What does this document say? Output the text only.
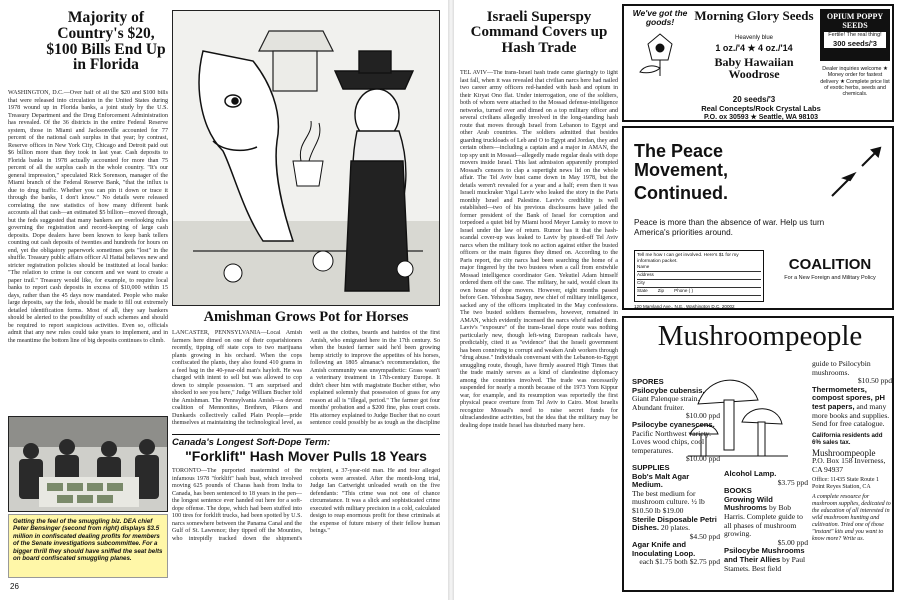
Majority of Country's $20, $100 Bills End Up in Florida
WASHINGTON, D.C.—Over half of all the $20 and $100 bills that were released into circulation in the United States during 1978 wound up in Florida banks, a joint study by the U.S. Treasury Department and the Drug Enforcement Administration has revealed. Of the 36 districts in the entire Federal Reserve system, those in Miami and Jacksonville accounted for 77 percent of the national cash surplus in that year; by contrast, Reserve offices in New York City, Chicago and Detroit paid out $6 billion more than they took in last year. Cash deposits to Florida banks in 1978 actually accounted for more than 75 percent of all the surplus cash in the whole country. "It's our general impression," speculated Rick Sorenson, manager of the Miami branch of the Federal Reserve Bank, "that the influx is due to drug traffic. Whether you can pin it down or trace it through the banks, I don't know." No details were released correlating the raw statistics of how many different bank accounts all that cash—an estimated $5 billion—moved through, but the feds suggested that many bankers are overlooking rules governing the registration and record-keeping of large cash deposits. Dope dealers have been known to keep bank tellers counting out cash deposits of twenties and hundreds for hours on end, yet the obligatory paperwork sometimes gets "lost" in the shuffle. Treasury public affairs officer Al Hattal believes new and stricter registration policies should be instituted at local banks: "The relation to crime is our concern and we want to create a paper trail." Treasury would like, for example, to require local banks to report cash deposits in excess of $10,000 within 15 days, rather than the 45 days now mandated. People who make large deposits, say the feds, should be made to fill out extremely detailed identification forms. Most of all, they say bankers should be alerted to the possibility of such schemes and should be required to report suspicious activities. Even so, officials admit that any new rules could take years to implement, and in the meantime the bottom line of big deposits continues to climb.
Getting the feel of the smuggling biz. DEA chief Peter Bensinger (second from right) displays $3.5 million in confiscated dealing profits for members of the Senate investigations subcommittee. For a bigger thrill they should have sniffed the seat belts on board confiscated smuggling planes.
Amishman Grows Pot for Horses
LANCASTER, PENNSYLVANIA—Local Amish farmers here dimed on one of their coparishioners recently, tipping off state cops to two marijuana plants growing in his orchard. When the cops confiscated the plants, they also found 410 grams in a feed bag in the 40-year-old man's hayloft. He was charged with intent to sell but was allowed to cop down to simple possession. "I am surprised and shocked to see you here," Judge William Bucher told the Amishman. The Pennsylvania Amish—a devout coalition of Mennonites, Brethren, Pikers and Dunkards collectively called Plain People—pride themselves at maintaining the technological level, as well as the clothes, beards and hairdos of the first Amish, who emigrated here in the 17th century. So when the busted farmer said he'd been growing hemp strictly to improve the appetites of his horses, following an 1805 almanac's recommendation, the Amish community was unsympathetic: Grass wasn't a veterinary treatment in 17th-century Europe. It didn't cheer him with magistrate Bucher either, who explained solemnly that possession of grass for any reason at all is "illegal, period." The farmer got four months' probation and a $200 fine, plus court costs. His attorney explained to Judge Bucher that no court sentence could possibly be as tough as the discipline
Canada's Longest Soft-Dope Term:
"Forklift" Hash Mover Pulls 18 Years
TORONTO—The purported mastermind of the infamous 1978 "forklift" hash bust, which involved moving 625 pounds of Charas hash from India to Canada, has been sentenced to 18 years in the pen—the longest sentence ever handed out here for a soft-dope offense. The dope, which had been stuffed into 100 tires for forklift trucks, had been spotted by U.S. narcs somewhere between the Panama Canal and the Gulf of St. Lawrence; they tipped off the Mounties, who intrepidly tracked down the shipment's recipient, a 37-year-old man. He and four alleged cohorts were arrested. After the month-long trial, Judge Ian Cartwright unloaded wrath on the five defendants: "This crime was not one of chance circumstance. It was a slick and sophisticated crime executed with military precision in a cold, calculated design to reap enormous profit for these criminals at the expense of future misery of their fellow human beings."
26
Israeli Superspy Command Covers up Hash Trade
TEL AVIV—The trans-Israel hash trade came glaringly to light last fall, when it was revealed that civilian narcs here had nailed two career army officers red-handed with hash and opium in their Kiryat Ono flat. Under interrogation, one of the soldiers, both of whom were attached to the Mossad defense-intelligence networks, turned over and dimed on a top military officer and several civilians allegedly involved in the long-standing hash route that moves through Israel from Lebanon to Egypt and other Arab countries. The soldiers admitted that besides guarding truckloads of Leb and O to Egypt and Jordan, they and certain others—including a captain and a major in AMAN, the top spy unit in Mossad—allegedly made regular deals with dope movers inside Israel. This last admission apparently prompted Mossad's censors to clap a supertight news lid on the whole affair. The Tel Aviv bust came down in May 1978, but the details weren't revealed for a year and a half; even then it was Israeli muckraker Yigal Laviv who leaked the story in the Paris monthly Israel and Palestine. Laviv's credibility is well established—two of his previous disclosures have jailed the former president of the Bank of Israel for corruption and torpedoed a quiet bid by Miami hood Meyer Lansky to move to Israel under the law of return. Rumor has it that the hash-scandal cover-up was leaked to Laviv by pissed-off Tel Aviv narcs when the military took no action against either the busted officers or the main figures they dimed on. According to the Paris report, the city narcs had been searching the home of a major fingered by the two bustees when a call from erstwhile Mossad intelligence coordinator Gen. Yekutiel Adam himself ordered them off the case. The military, he said, would clean its own house of dope movers. However, eight months passed before Gen. Yehoshua Saguy, new chief of military intelligence, sacked any of the officers implicated in the May confessions. The two busted soldiers themselves, however, remained in AMAN, which evidently incensed the narcs who'd nailed them. Laviv's "exposure" of the trans-Israel dope route was nothing particularly new, though left-wing European radicals have, predictably, cited it as "evidence" that the Israeli government has been conniving to corrupt and weaken Arab workers through "drug abuse." Individuals conversant with the Lebanon-to-Egypt smuggling route, though, have firmly assured High Times that the trade mainly serves as a kind of clandestine diplomacy among the countries involved. The trade was necessarily suspended for nearly a month because of the 1973 Yom Kippur war, for example, and its resumption was reportedly the first physical peace overture from Tel Aviv to Cairo. Most Israelis recognize Mossad's need to raise secret funds for ultraclandestine activities, but the idea that the military may be dealing dope inside Israel has disturbed many here.
We've got the goods!	Morning Glory Seeds
Heavenly blue
1 oz./'4 ★ 4 oz./'14
OPIUM POPPY SEEDS
Fertile! The real thing!
300 seeds/'3
Baby Hawaiian Woodrose
20 seeds/'3
Dealer inquiries welcome ★ Money order for fastest delivery ★ Complete price list of exotic herbs, seeds and chemicals.
Real Concepts/Rock Crystal Labs
P.O. ox 30593 ★ Seattle, WA 98103
The Peace
Movement,
Continued.
Peace is more than the absence of war. Help us turn America's priorities around.
Tell me how I can get involved. Here's $1 for my information packet.
Name
Address
City
State Zip Phone ( )
COALITION
For a New Foreign and Military Policy
120 Maryland Ave., N.E., Washington D.C. 20002
Mushroompeople
SPORES
Psilocybe cubensis.
Giant Palenque strain. Abundant fruiter.
$10.00 ppd
Psilocybe cyanescens.
Pacific Northwest variety. Loves wood chips, cool temperatures.
$10.00 ppd
SUPPLIES
Bob's Malt Agar Medium.
The best medium for mushroom culture. ½ lb $10.50 lb $19.00
Sterile Disposable Petri Dishes. 20 plates.
$4.50 ppd
Agar Knife and Inoculating Loop.
each $1.75 both $2.75 ppd
Alcohol Lamp.
$3.75 ppd
BOOKS
Growing Wild Mushrooms by Bob Harris. Complete guide to all phases of mushroom growing.
$5.00 ppd
Psilocybe Mushrooms and Their Allies by Paul Stamets. Best field
guide to Psilocybin mushrooms.
$10.50 ppd
Thermometers, compost spores, pH test papers, and many more books and supplies. Send for free catalogue.
California residents add 6% sales tax.
Mushroompeople
P.O. Box 158 Inverness, CA 94937
Office: 11435 State Route 1 Point Reyes Station, CA
A complete resource for mushroom supplies, dedicated to the education of all interested in wild mushroom hunting and cultivation. Tried one of those "instant" kits and you want to know more? Write us.
